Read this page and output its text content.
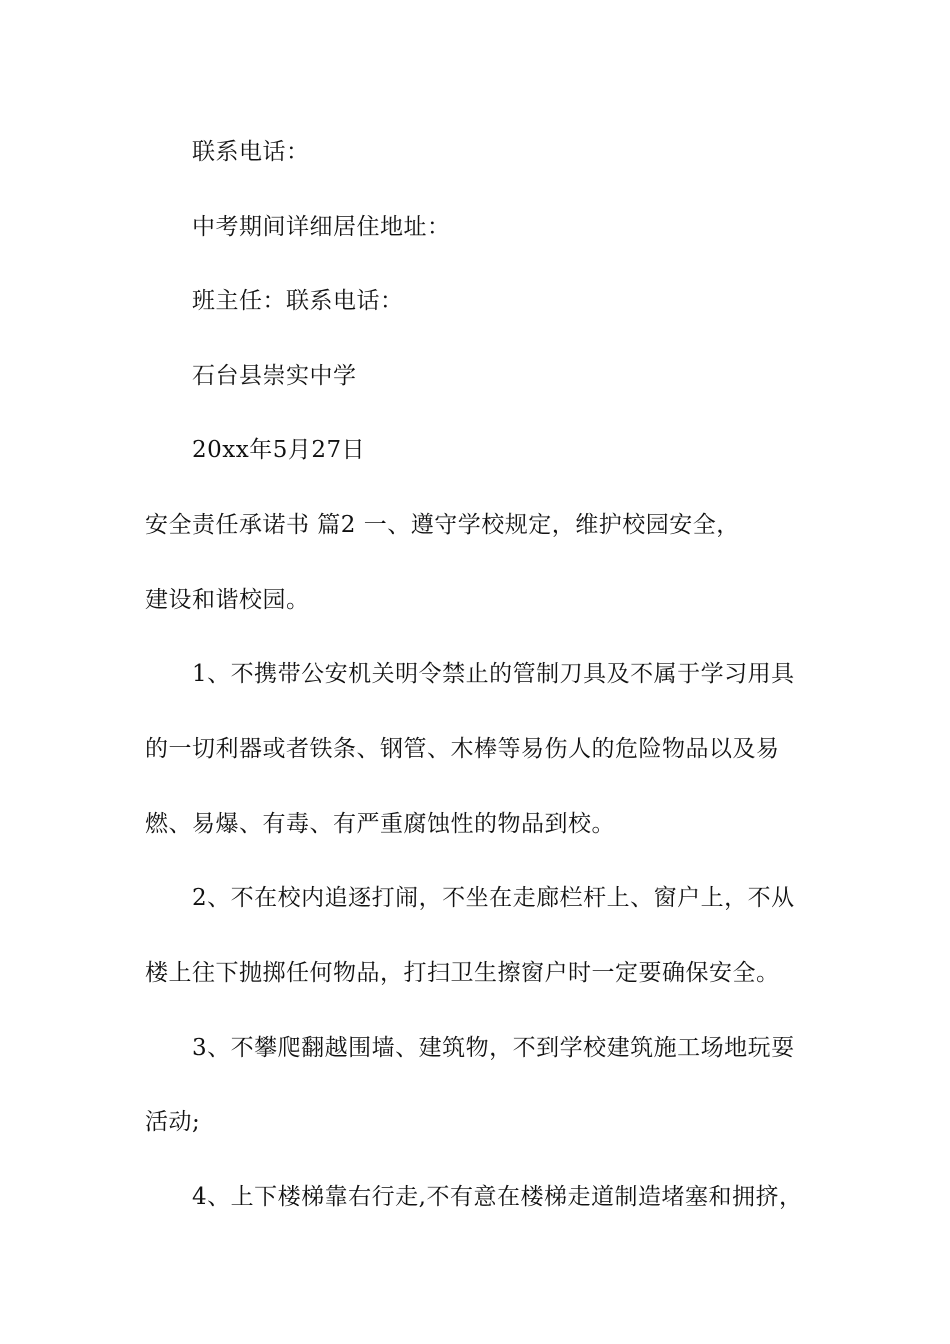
联系电话：
中考期间详细居住地址：
班主任：联系电话：
石台县崇实中学
20xx年5月27日
安全责任承诺书 篇2 一、遵守学校规定，维护校园安全，
建设和谐校园。
1、不携带公安机关明令禁止的管制刀具及不属于学习用具
的一切利器或者铁条、钢管、木棒等易伤人的危险物品以及易
燃、易爆、有毒、有严重腐蚀性的物品到校。
2、不在校内追逐打闹，不坐在走廊栏杆上、窗户上，不从
楼上往下抛掷任何物品，打扫卫生擦窗户时一定要确保安全。
3、不攀爬翻越围墙、建筑物，不到学校建筑施工场地玩耍
活动;
4、上下楼梯靠右行走,不有意在楼梯走道制造堵塞和拥挤，
